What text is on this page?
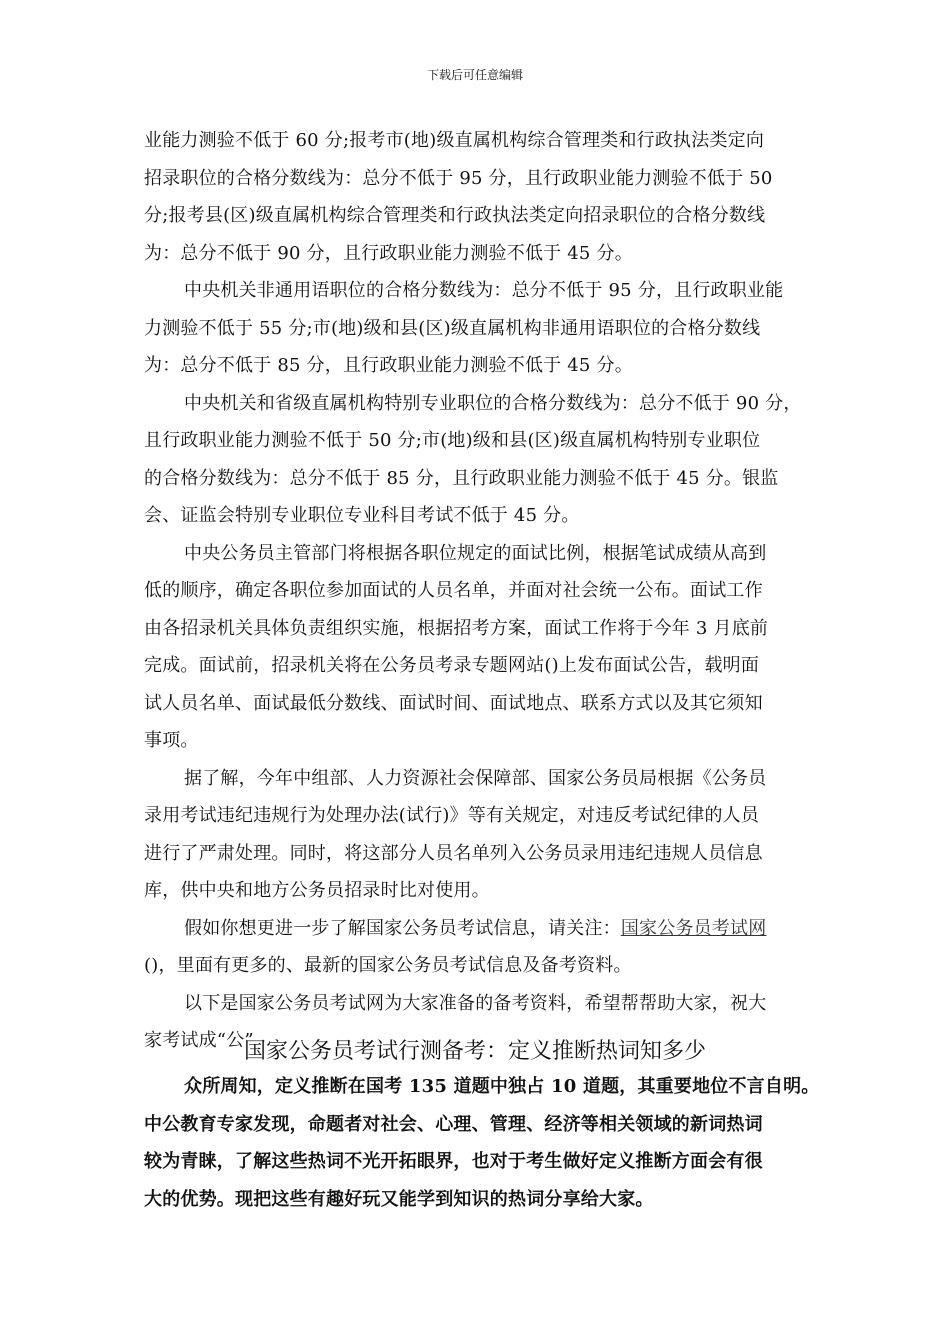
下载后可任意编辑
业能力测验不低于 60 分;报考市(地)级直属机构综合管理类和行政执法类定向
招录职位的合格分数线为：总分不低于 95 分，且行政职业能力测验不低于 50
分;报考县(区)级直属机构综合管理类和行政执法类定向招录职位的合格分数线
为：总分不低于 90 分，且行政职业能力测验不低于 45 分。
中央机关非通用语职位的合格分数线为：总分不低于 95 分，且行政职业能
力测验不低于 55 分;市(地)级和县(区)级直属机构非通用语职位的合格分数线
为：总分不低于 85 分，且行政职业能力测验不低于 45 分。
中央机关和省级直属机构特别专业职位的合格分数线为：总分不低于 90 分，
且行政职业能力测验不低于 50 分;市(地)级和县(区)级直属机构特别专业职位
的合格分数线为：总分不低于 85 分，且行政职业能力测验不低于 45 分。银监
会、证监会特别专业职位专业科目考试不低于 45 分。
中央公务员主管部门将根据各职位规定的面试比例，根据笔试成绩从高到
低的顺序，确定各职位参加面试的人员名单，并面对社会统一公布。面试工作
由各招录机关具体负责组织实施，根据招考方案，面试工作将于今年 3 月底前
完成。面试前，招录机关将在公务员考录专题网站()上发布面试公告，载明面
试人员名单、面试最低分数线、面试时间、面试地点、联系方式以及其它须知
事项。
据了解，今年中组部、人力资源社会保障部、国家公务员局根据《公务员
录用考试违纪违规行为处理办法(试行)》等有关规定，对违反考试纪律的人员
进行了严肃处理。同时，将这部分人员名单列入公务员录用违纪违规人员信息
库，供中央和地方公务员招录时比对使用。
假如你想更进一步了解国家公务员考试信息，请关注：国家公务员考试网
()，里面有更多的、最新的国家公务员考试信息及备考资料。
以下是国家公务员考试网为大家准备的备考资料，希望帮帮助大家，祝大
家考试成“公”
国家公务员考试行测备考：定义推断热词知多少
众所周知，定义推断在国考 135 道题中独占 10 道题，其重要地位不言自明。
中公教育专家发现，命题者对社会、心理、管理、经济等相关领域的新词热词
较为青睐，了解这些热词不光开拓眼界，也对于考生做好定义推断方面会有很
大的优势。现把这些有趣好玩又能学到知识的热词分享给大家。
